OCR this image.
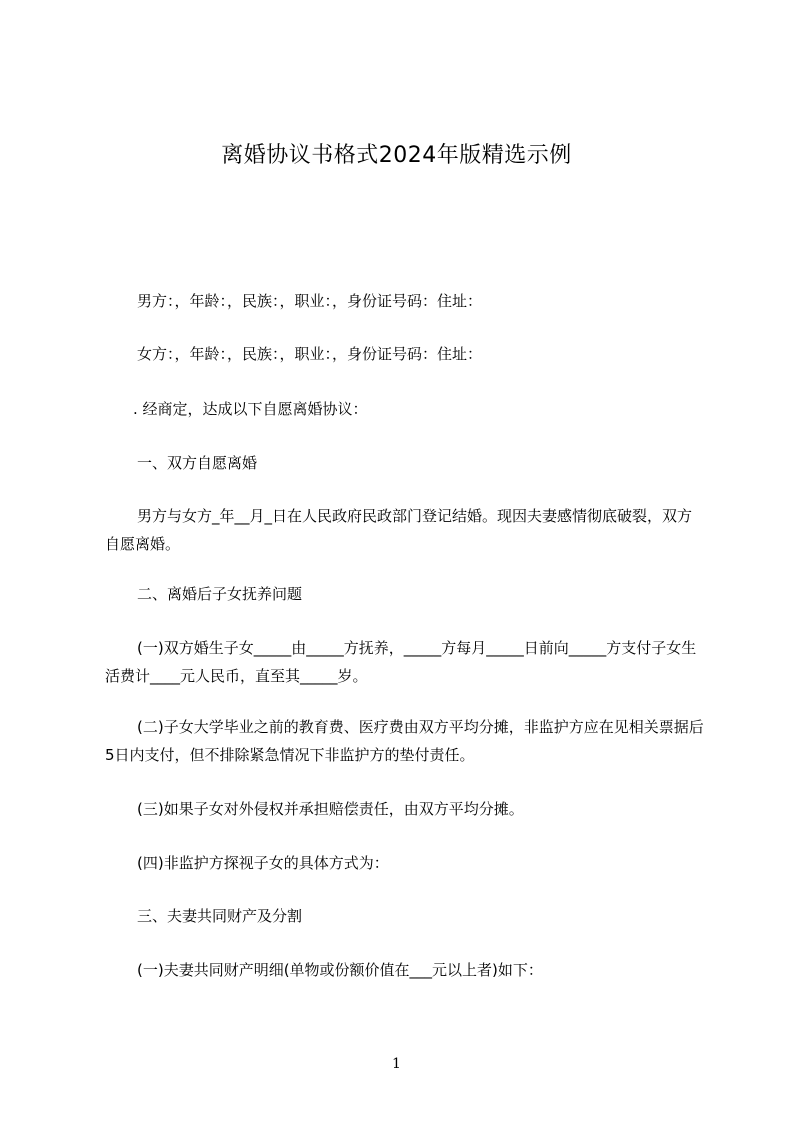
离婚协议书格式2024年版精选示例
男方：，年龄：，民族：，职业：，身份证号码：住址：
女方：，年龄：，民族：，职业：，身份证号码：住址：
. 经商定，达成以下自愿离婚协议：
一、双方自愿离婚
男方与女方_年__月_日在人民政府民政部门登记结婚。现因夫妻感情彻底破裂，双方自愿离婚。
二、离婚后子女抚养问题
(一)双方婚生子女_____由_____方抚养，_____方每月_____日前向_____方支付子女生活费计____元人民币，直至其_____岁。
(二)子女大学毕业之前的教育费、医疗费由双方平均分摊，非监护方应在见相关票据后5日内支付，但不排除紧急情况下非监护方的垫付责任。
(三)如果子女对外侵权并承担赔偿责任，由双方平均分摊。
(四)非监护方探视子女的具体方式为：
三、夫妻共同财产及分割
(一)夫妻共同财产明细(单物或份额价值在___元以上者)如下：
1
